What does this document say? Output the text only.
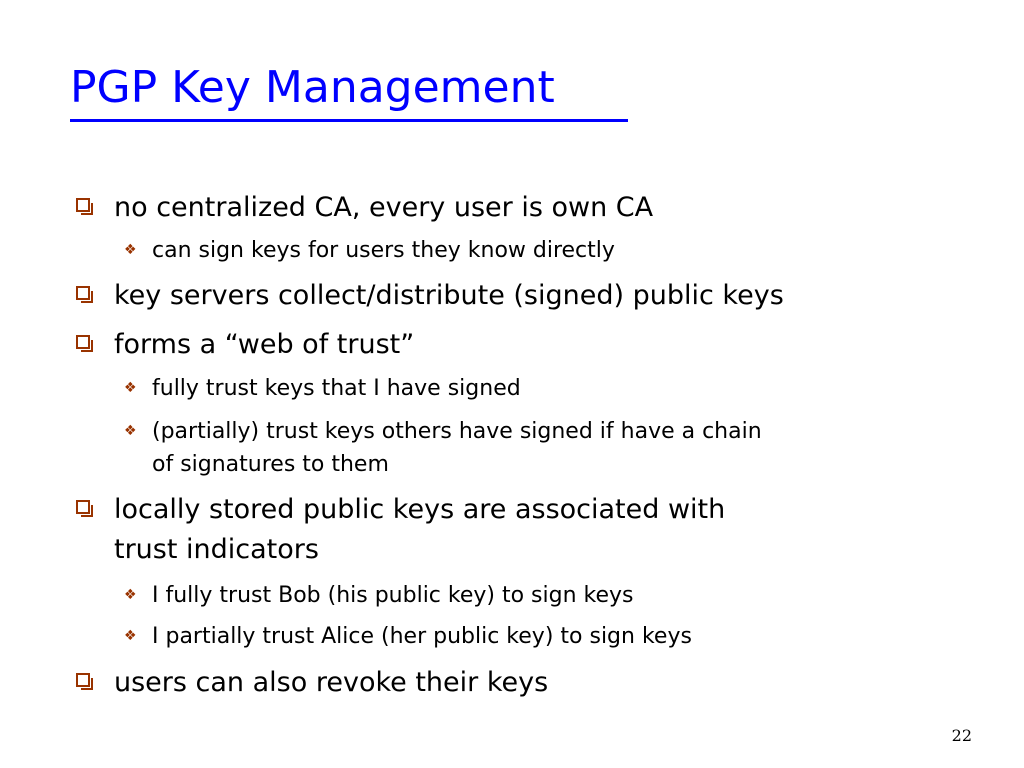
PGP Key Management
no centralized CA, every user is own CA
❖ can sign keys for users they know directly
key servers collect/distribute (signed) public keys
forms a “web of trust”
❖ fully trust keys that I have signed
❖ (partially) trust keys others have signed if have a chain
of signatures to them
locally stored public keys are associated with
trust indicators
❖ I fully trust Bob (his public key) to sign keys
❖ I partially trust Alice (her public key) to sign keys
users can also revoke their keys
22
